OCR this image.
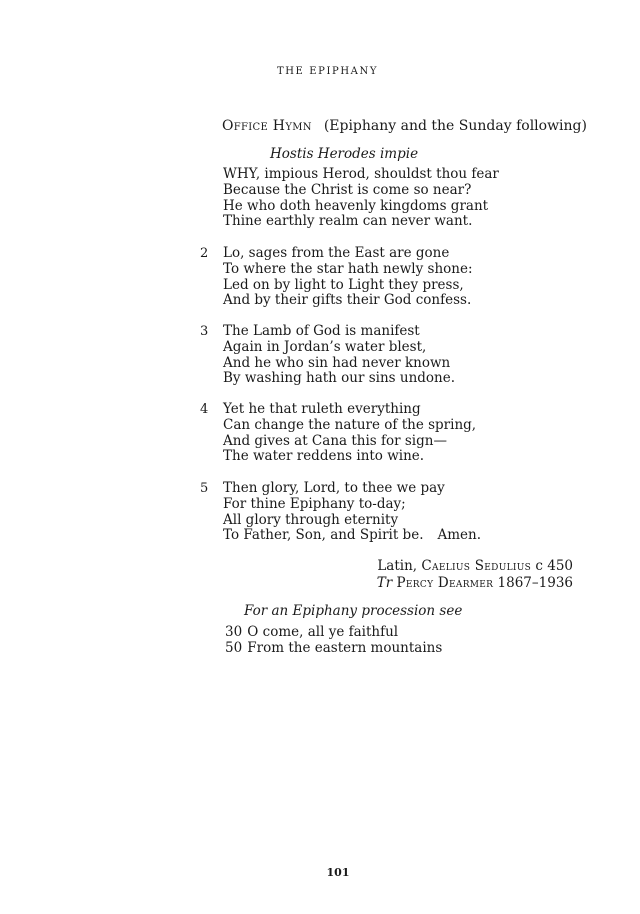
THE EPIPHANY
Office Hymn (Epiphany and the Sunday following)
Hostis Herodes impie
WHY, impious Herod, shouldst thou fear
Because the Christ is come so near?
He who doth heavenly kingdoms grant
Thine earthly realm can never want.
2	Lo, sages from the East are gone
To where the star hath newly shone:
Led on by light to Light they press,
And by their gifts their God confess.
3	The Lamb of God is manifest
Again in Jordan’s water blest,
And he who sin had never known
By washing hath our sins undone.
4	Yet he that ruleth everything
Can change the nature of the spring,
And gives at Cana this for sign—
The water reddens into wine.
5	Then glory, Lord, to thee we pay
For thine Epiphany to-day;
All glory through eternity
To Father, Son, and Spirit be. Amen.
Latin, Caelius Sedulius c 450
Tr Percy Dearmer 1867–1936
For an Epiphany procession see
30 O come, all ye faithful
50 From the eastern mountains
101
